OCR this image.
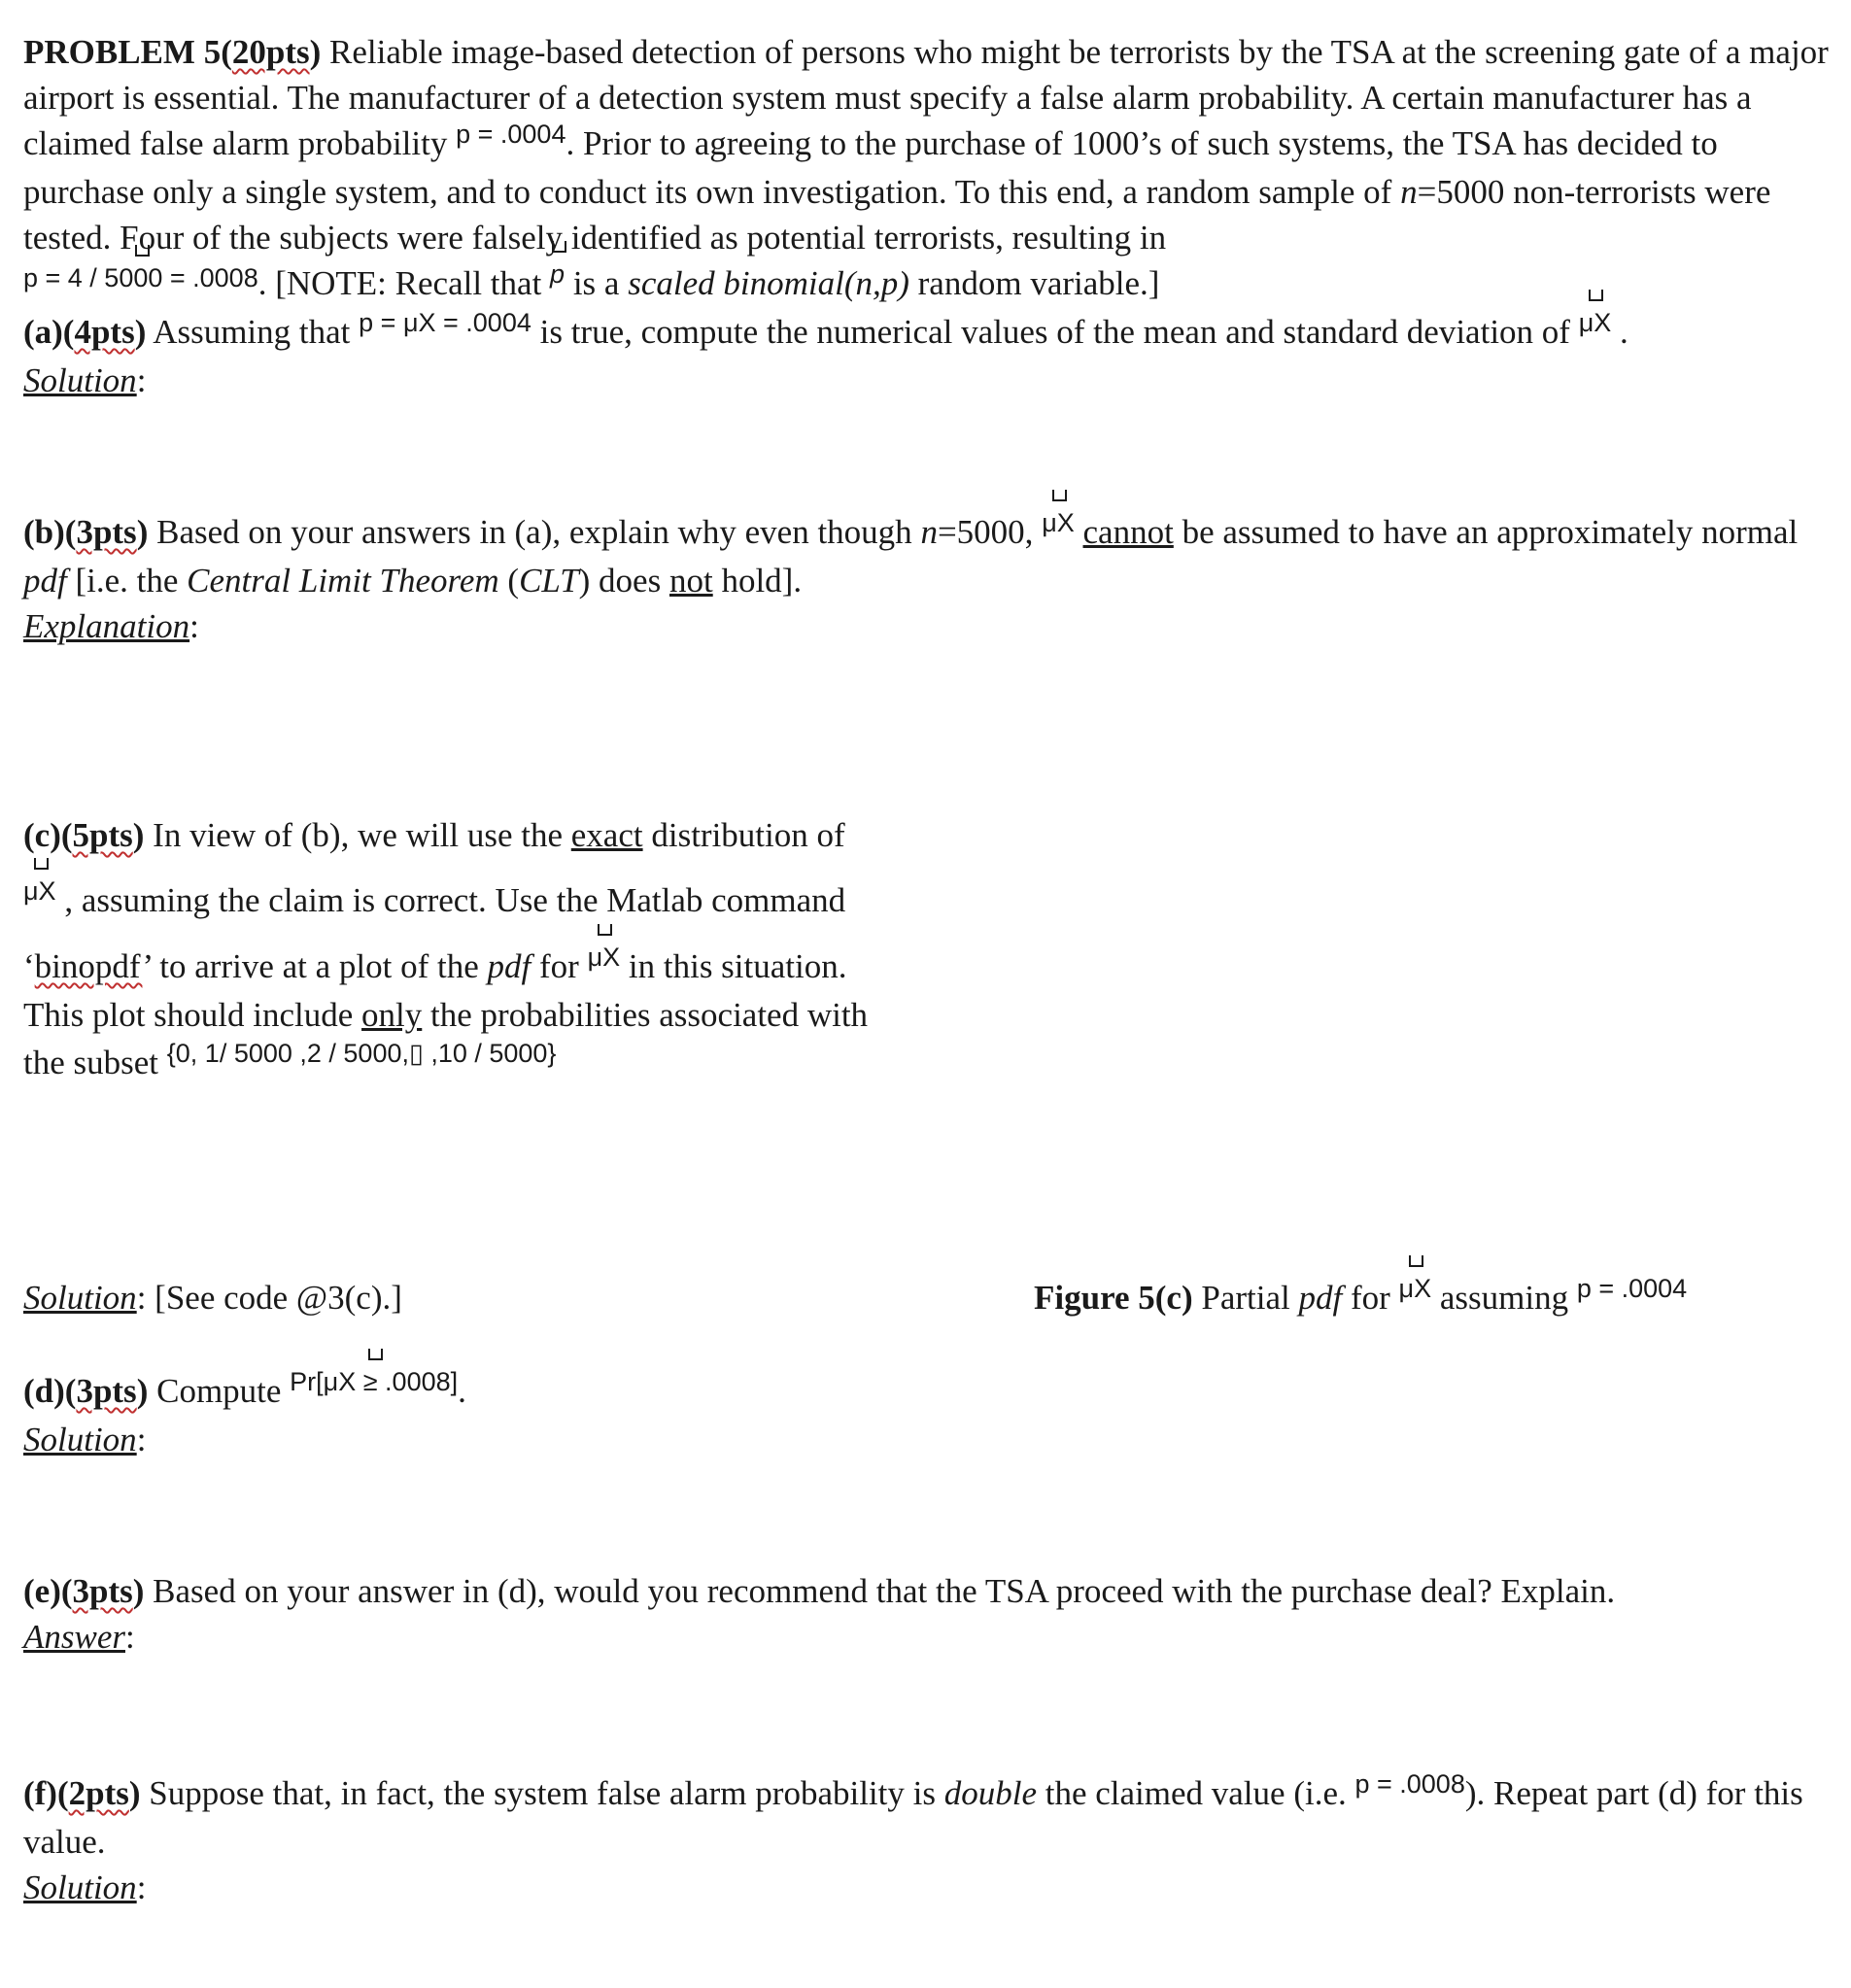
PROBLEM 5(20pts) Reliable image-based detection of persons who might be terrorists by the TSA at the screening gate of a major airport is essential. The manufacturer of a detection system must specify a false alarm probability. A certain manufacturer has a claimed false alarm probability $^{p = .0004}$. Prior to agreeing to the purchase of 1000’s of such systems, the TSA has decided to purchase only a single system, and to conduct its own investigation. To this end, a random sample of n=5000 non-terrorists were tested. Four of the subjects were falsely identified as potential terrorists, resulting in
$^{p = 4 / 5000 = .0008}$. [NOTE: Recall that $^p$ is a scaled binomial(n,p) random variable.]

(a)(4pts) Assuming that $^{p = \mu X = .0004}$ is true, compute the numerical values of the mean and standard deviation of $^{\mu X}$ .

Solution:

(b)(3pts) Based on your answers in (a), explain why even though n=5000, $^{\mu X}$ cannot be assumed to have an approximately normal pdf [i.e. the Central Limit Theorem (CLT) does not hold].

Explanation:

(c)(5pts) In view of (b), we will use the exact distribution of

$^{\mu X}$ , assuming the claim is correct. Use the Matlab command

‘binopdf’ to arrive at a plot of the pdf for $^{\mu X}$ in this situation.

This plot should include only the probabilities associated with

the subset $^{\{0, 1/ 5000 ,2 / 5000,▯ ,10 / 5000\}}$

Solution: [See code @3(c).]	Figure 5(c) Partial pdf for $^{\mu X}$ assuming $^{p = .0004}$

(d)(3pts) Compute $^{Pr[\mu X \ge .0008]}$.

Solution:

(e)(3pts) Based on your answer in (d), would you recommend that the TSA proceed with the purchase deal? Explain.

Answer:

(f)(2pts) Suppose that, in fact, the system false alarm probability is double the claimed value (i.e. $^{p = .0008}$). Repeat part (d) for this value.

Solution:
